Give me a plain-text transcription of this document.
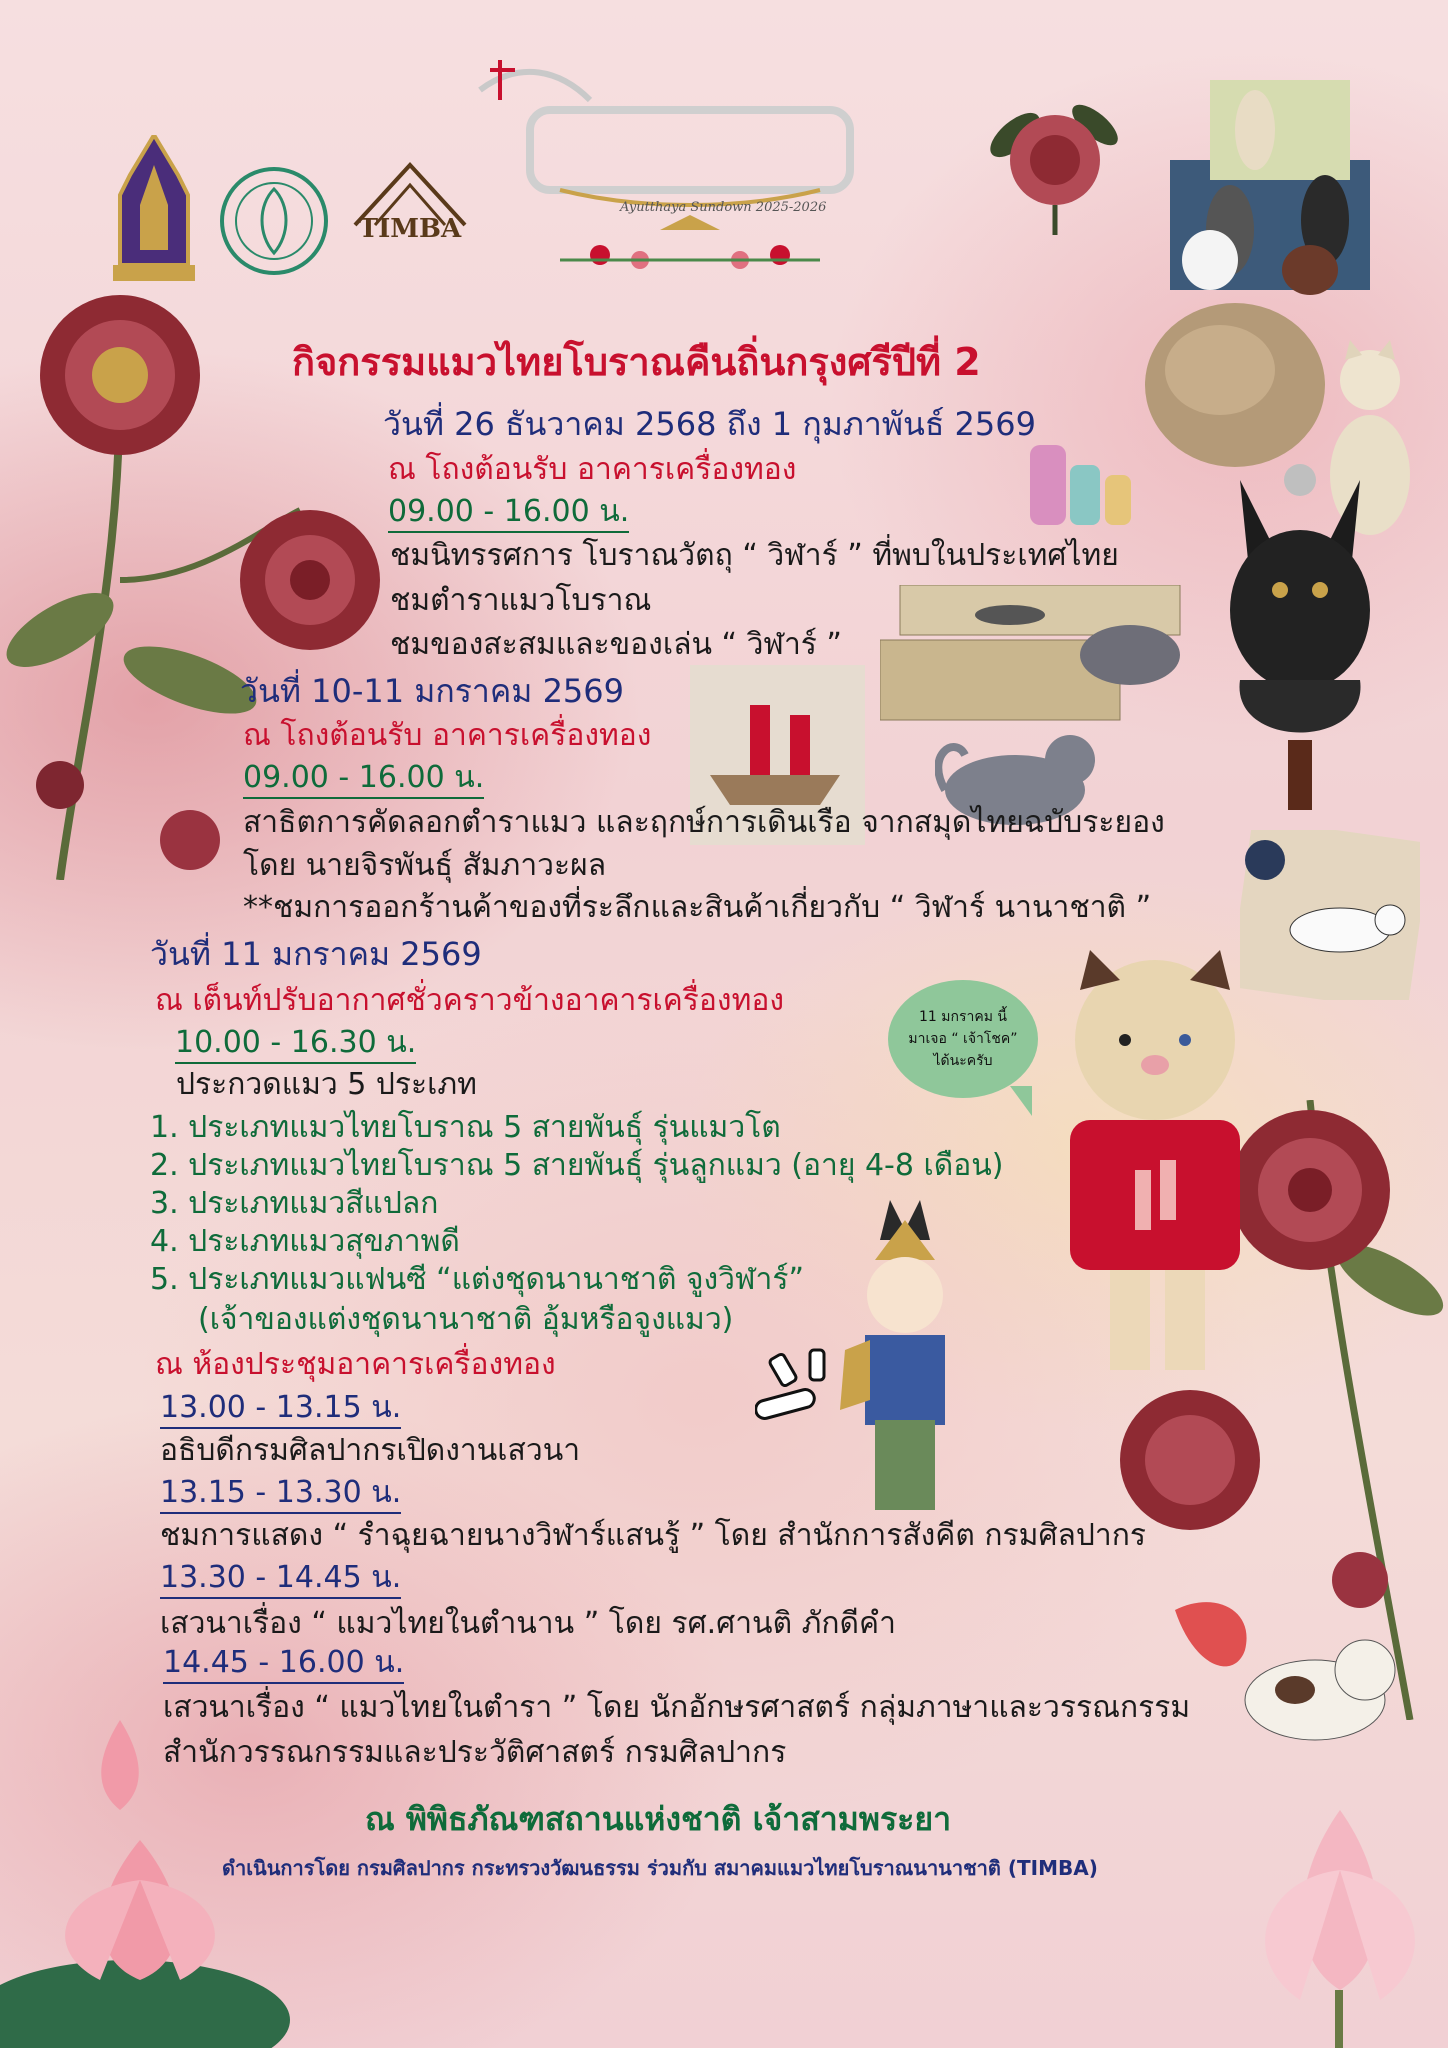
TIMBA
Ayutthaya Sundown 2025-2026
11 มกราคม นี้
มาเจอ “ เจ้าโชค”
ได้นะครับ
กิจกรรมแมวไทยโบราณคืนถิ่นกรุงศรีปีที่ 2
วันที่ 26 ธันวาคม 2568 ถึง 1 กุมภาพันธ์ 2569
ณ โถงต้อนรับ อาคารเครื่องทอง
09.00 - 16.00 น.
ชมนิทรรศการ โบราณวัตถุ “ วิฬาร์ ” ที่พบในประเทศไทย
ชมตำราแมวโบราณ
ชมของสะสมและของเล่น “ วิฬาร์ ”
วันที่ 10-11 มกราคม 2569
ณ โถงต้อนรับ อาคารเครื่องทอง
09.00 - 16.00 น.
สาธิตการคัดลอกตำราแมว และฤกษ์การเดินเรือ จากสมุดไทยฉบับระยอง
โดย นายจิรพันธุ์ สัมภาวะผล
**ชมการออกร้านค้าของที่ระลึกและสินค้าเกี่ยวกับ “ วิฬาร์ นานาชาติ ”
วันที่ 11 มกราคม 2569
ณ เต็นท์ปรับอากาศชั่วคราวข้างอาคารเครื่องทอง
10.00 - 16.30 น.
ประกวดแมว 5 ประเภท
1. ประเภทแมวไทยโบราณ 5 สายพันธุ์ รุ่นแมวโต
2. ประเภทแมวไทยโบราณ 5 สายพันธุ์ รุ่นลูกแมว (อายุ 4-8 เดือน)
3. ประเภทแมวสีแปลก
4. ประเภทแมวสุขภาพดี
5. ประเภทแมวแฟนซี “แต่งชุดนานาชาติ จูงวิฬาร์”
(เจ้าของแต่งชุดนานาชาติ อุ้มหรือจูงแมว)
ณ ห้องประชุมอาคารเครื่องทอง
13.00 - 13.15 น.
อธิบดีกรมศิลปากรเปิดงานเสวนา
13.15 - 13.30 น.
ชมการแสดง “ รำฉุยฉายนางวิฬาร์แสนรู้ ” โดย สำนักการสังคีต กรมศิลปากร
13.30 - 14.45 น.
เสวนาเรื่อง “ แมวไทยในตำนาน ” โดย รศ.ศานติ ภักดีคำ
14.45 - 16.00 น.
เสวนาเรื่อง “ แมวไทยในตำรา ” โดย นักอักษรศาสตร์ กลุ่มภาษาและวรรณกรรม
สำนักวรรณกรรมและประวัติศาสตร์ กรมศิลปากร
ณ พิพิธภัณฑสถานแห่งชาติ เจ้าสามพระยา
ดำเนินการโดย กรมศิลปากร กระทรวงวัฒนธรรม ร่วมกับ สมาคมแมวไทยโบราณนานาชาติ (TIMBA)
